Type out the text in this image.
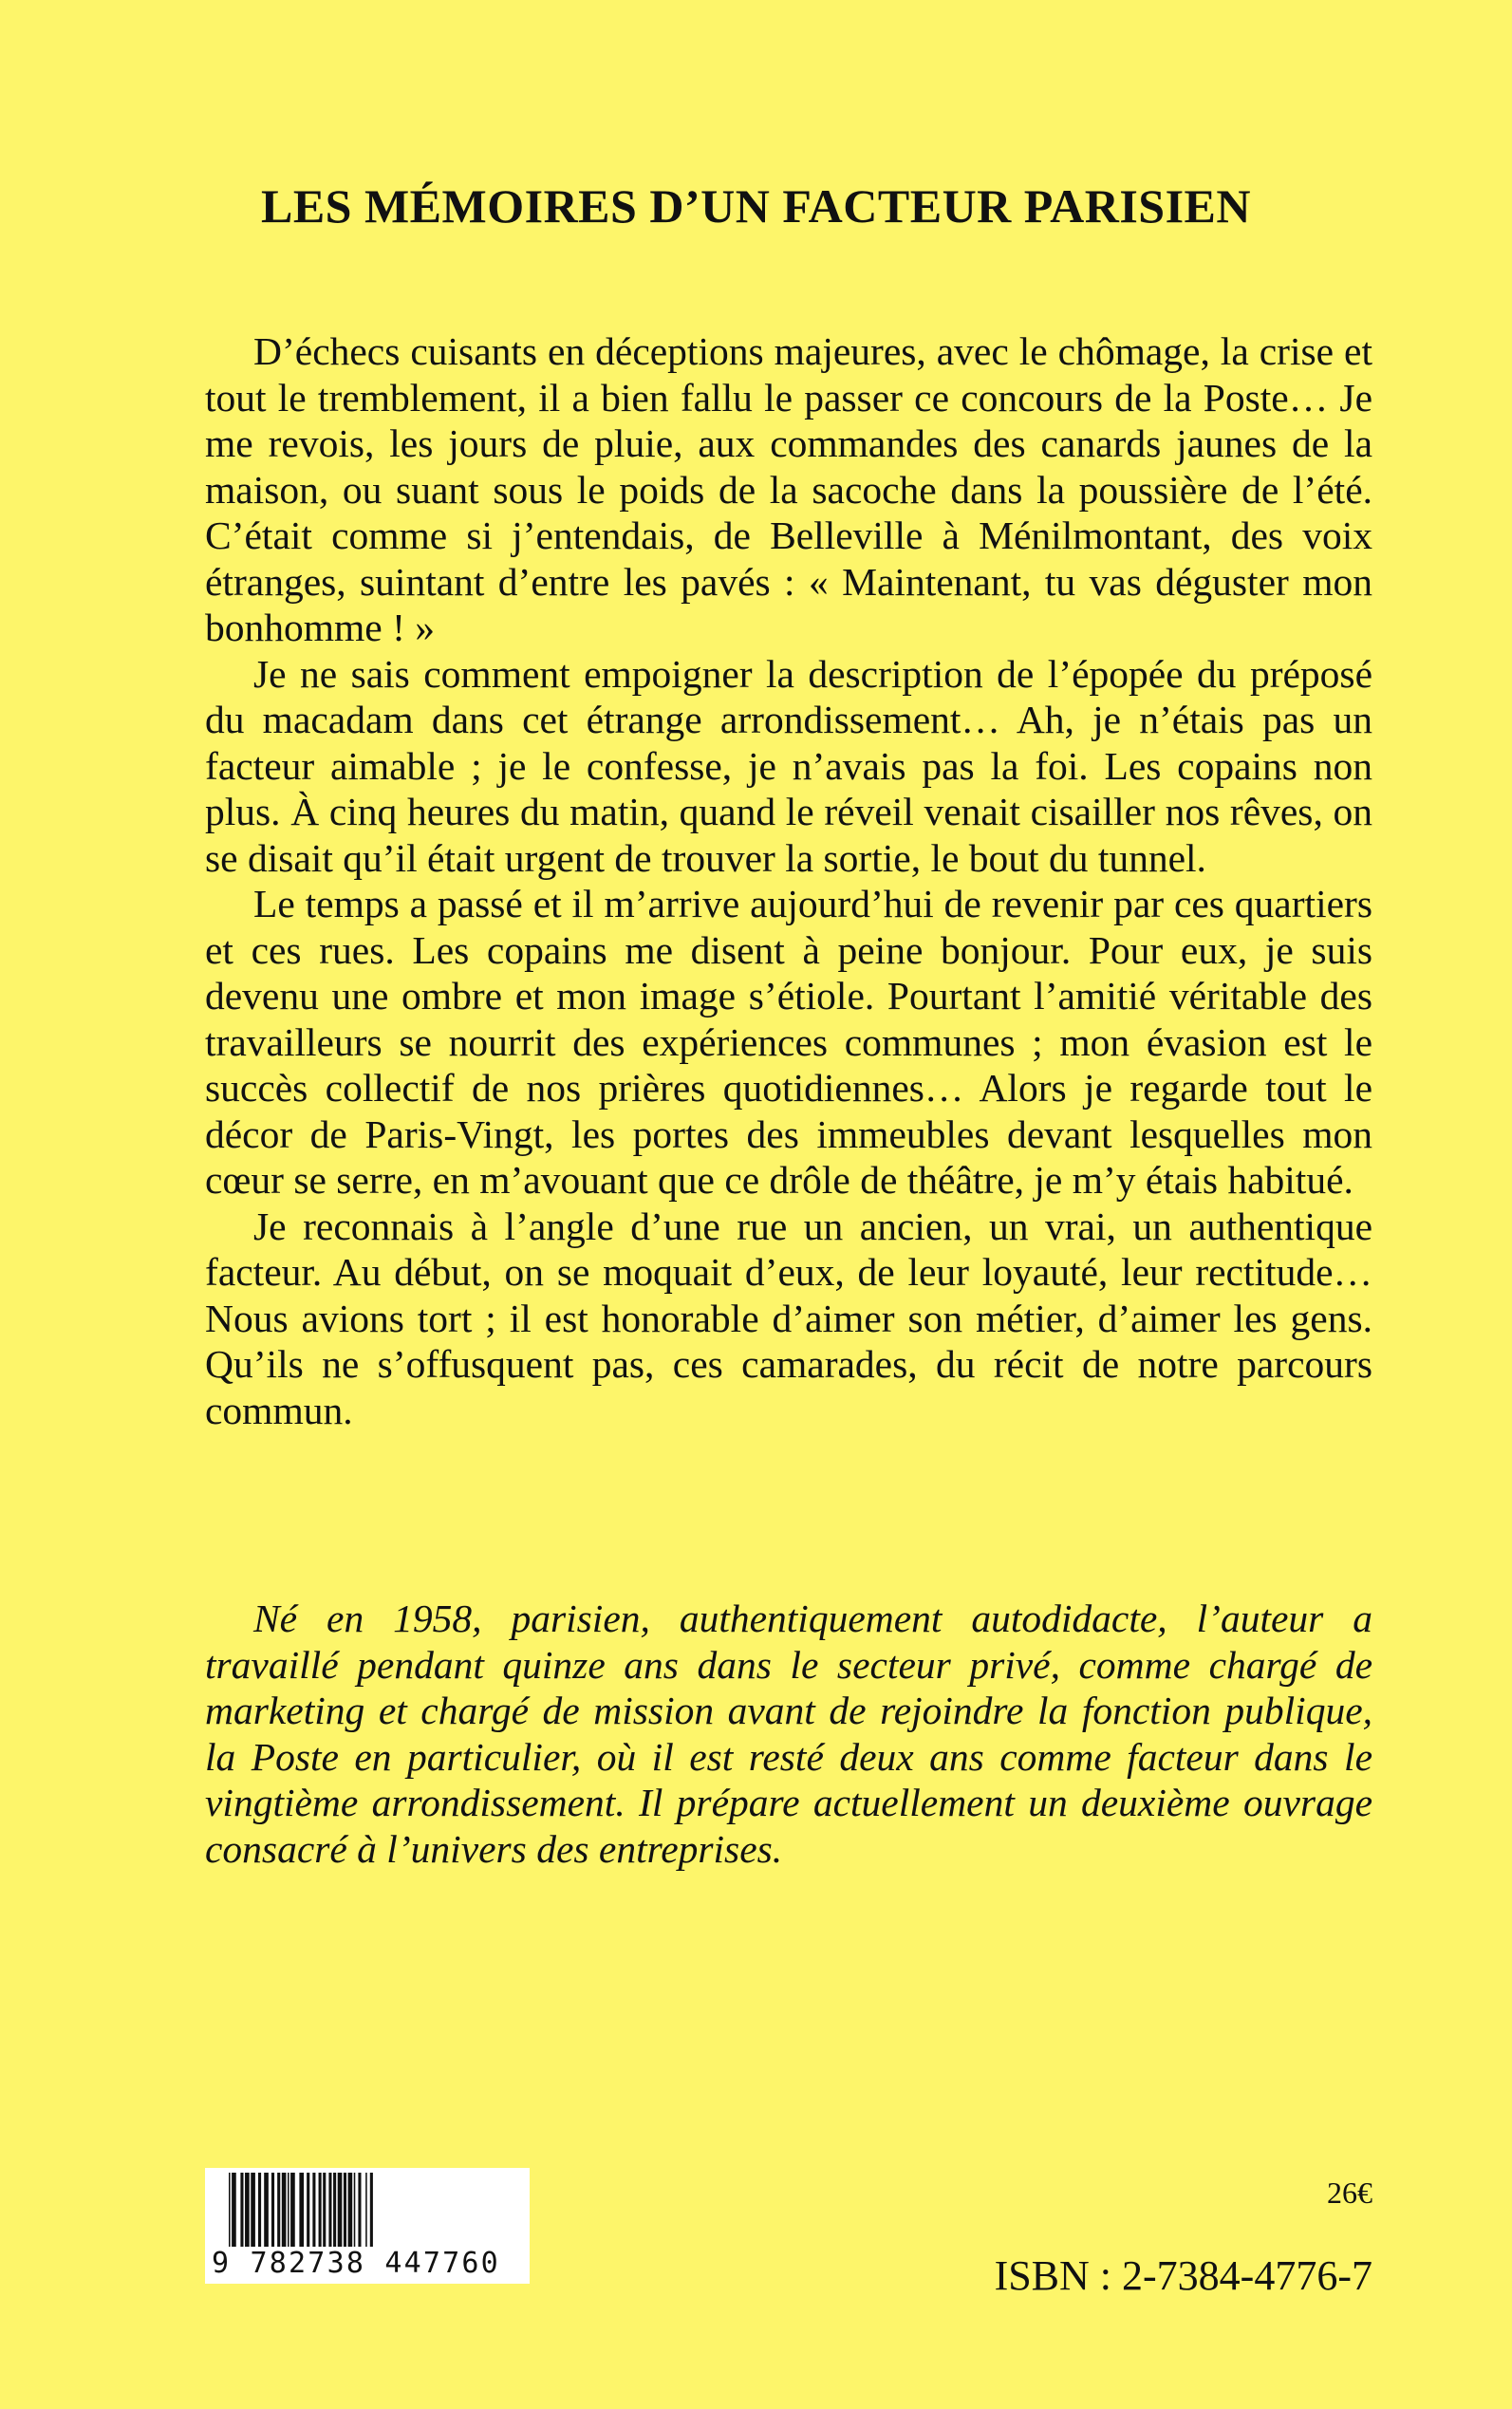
LES MÉMOIRES D’UN FACTEUR PARISIEN

D’échecs cuisants en déceptions majeures, avec le chômage, la crise et tout le tremblement, il a bien fallu le passer ce concours de la Poste… Je me revois, les jours de pluie, aux commandes des canards jaunes de la maison, ou suant sous le poids de la sacoche dans la poussière de l’été. C’était comme si j’entendais, de Belleville à Ménilmontant, des voix étranges, suintant d’entre les pavés : « Maintenant, tu vas déguster mon bonhomme ! »

Je ne sais comment empoigner la description de l’épopée du préposé du macadam dans cet étrange arrondissement… Ah, je n’étais pas un facteur aimable ; je le confesse, je n’avais pas la foi. Les copains non plus. À cinq heures du matin, quand le réveil venait cisailler nos rêves, on se disait qu’il était urgent de trouver la sortie, le bout du tunnel.

Le temps a passé et il m’arrive aujourd’hui de revenir par ces quartiers et ces rues. Les copains me disent à peine bonjour. Pour eux, je suis devenu une ombre et mon image s’étiole. Pourtant l’amitié véritable des travailleurs se nourrit des expériences communes ; mon évasion est le succès collectif de nos prières quotidiennes… Alors je regarde tout le décor de Paris-Vingt, les portes des immeubles devant lesquelles mon cœur se serre, en m’avouant que ce drôle de théâtre, je m’y étais habitué.

Je reconnais à l’angle d’une rue un ancien, un vrai, un authentique facteur. Au début, on se moquait d’eux, de leur loyauté, leur rectitude… Nous avions tort ; il est honorable d’aimer son métier, d’aimer les gens. Qu’ils ne s’offusquent pas, ces camarades, du récit de notre parcours commun.

Né en 1958, parisien, authentiquement autodidacte, l’auteur a travaillé pendant quinze ans dans le secteur privé, comme chargé de marketing et chargé de mission avant de rejoindre la fonction publique, la Poste en particulier, où il est resté deux ans comme facteur dans le vingtième arrondissement. Il prépare actuellement un deuxième ouvrage consacré à l’univers des entreprises.

9 782738 447760
26€
ISBN : 2-7384-4776-7
